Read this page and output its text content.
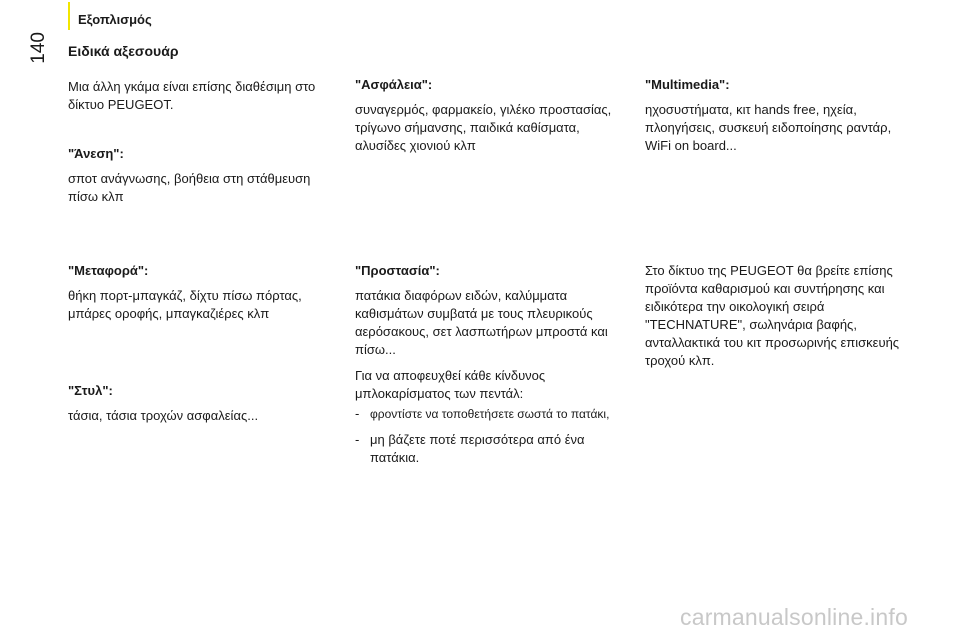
Εξοπλισμός
140 Ειδικά αξεσουάρ

Μια άλλη γκάμα είναι επίσης διαθέσιμη στο δίκτυο PEUGEOT.

"Άνεση":

σποτ ανάγνωσης, βοήθεια στη στάθμευση πίσω κλπ

"Μεταφορά":

θήκη πορτ-μπαγκάζ, δίχτυ πίσω πόρτας, μπάρες οροφής, μπαγκαζιέρες κλπ

"Στυλ":

τάσια, τάσια τροχών ασφαλείας...

"Ασφάλεια":

συναγερμός, φαρμακείο, γιλέκο προστασίας, τρίγωνο σήμανσης, παιδικά καθίσματα, αλυσίδες χιονιού κλπ

"Προστασία":

πατάκια διαφόρων ειδών, καλύμματα καθισμάτων συμβατά με τους πλευρικούς αερόσακους, σετ λασπωτήρων μπροστά και πίσω...

Για να αποφευχθεί κάθε κίνδυνος μπλοκαρίσματος των πεντάλ:

- φροντίστε να τοποθετήσετε σωστά το πατάκι,
- μη βάζετε ποτέ περισσότερα από ένα πατάκια.

"Multimedia":

ηχοσυστήματα, κιτ hands free, ηχεία, πλοηγήσεις, συσκευή ειδοποίησης ραντάρ, WiFi on board...

Στο δίκτυο της PEUGEOT θα βρείτε επίσης προϊόντα καθαρισμού και συντήρησης και ειδικότερα την οικολογική σειρά "TECHNATURE", σωληνάρια βαφής, ανταλλακτικά του κιτ προσωρινής επισκευής τροχού κλπ.

carmanualsonline.info
